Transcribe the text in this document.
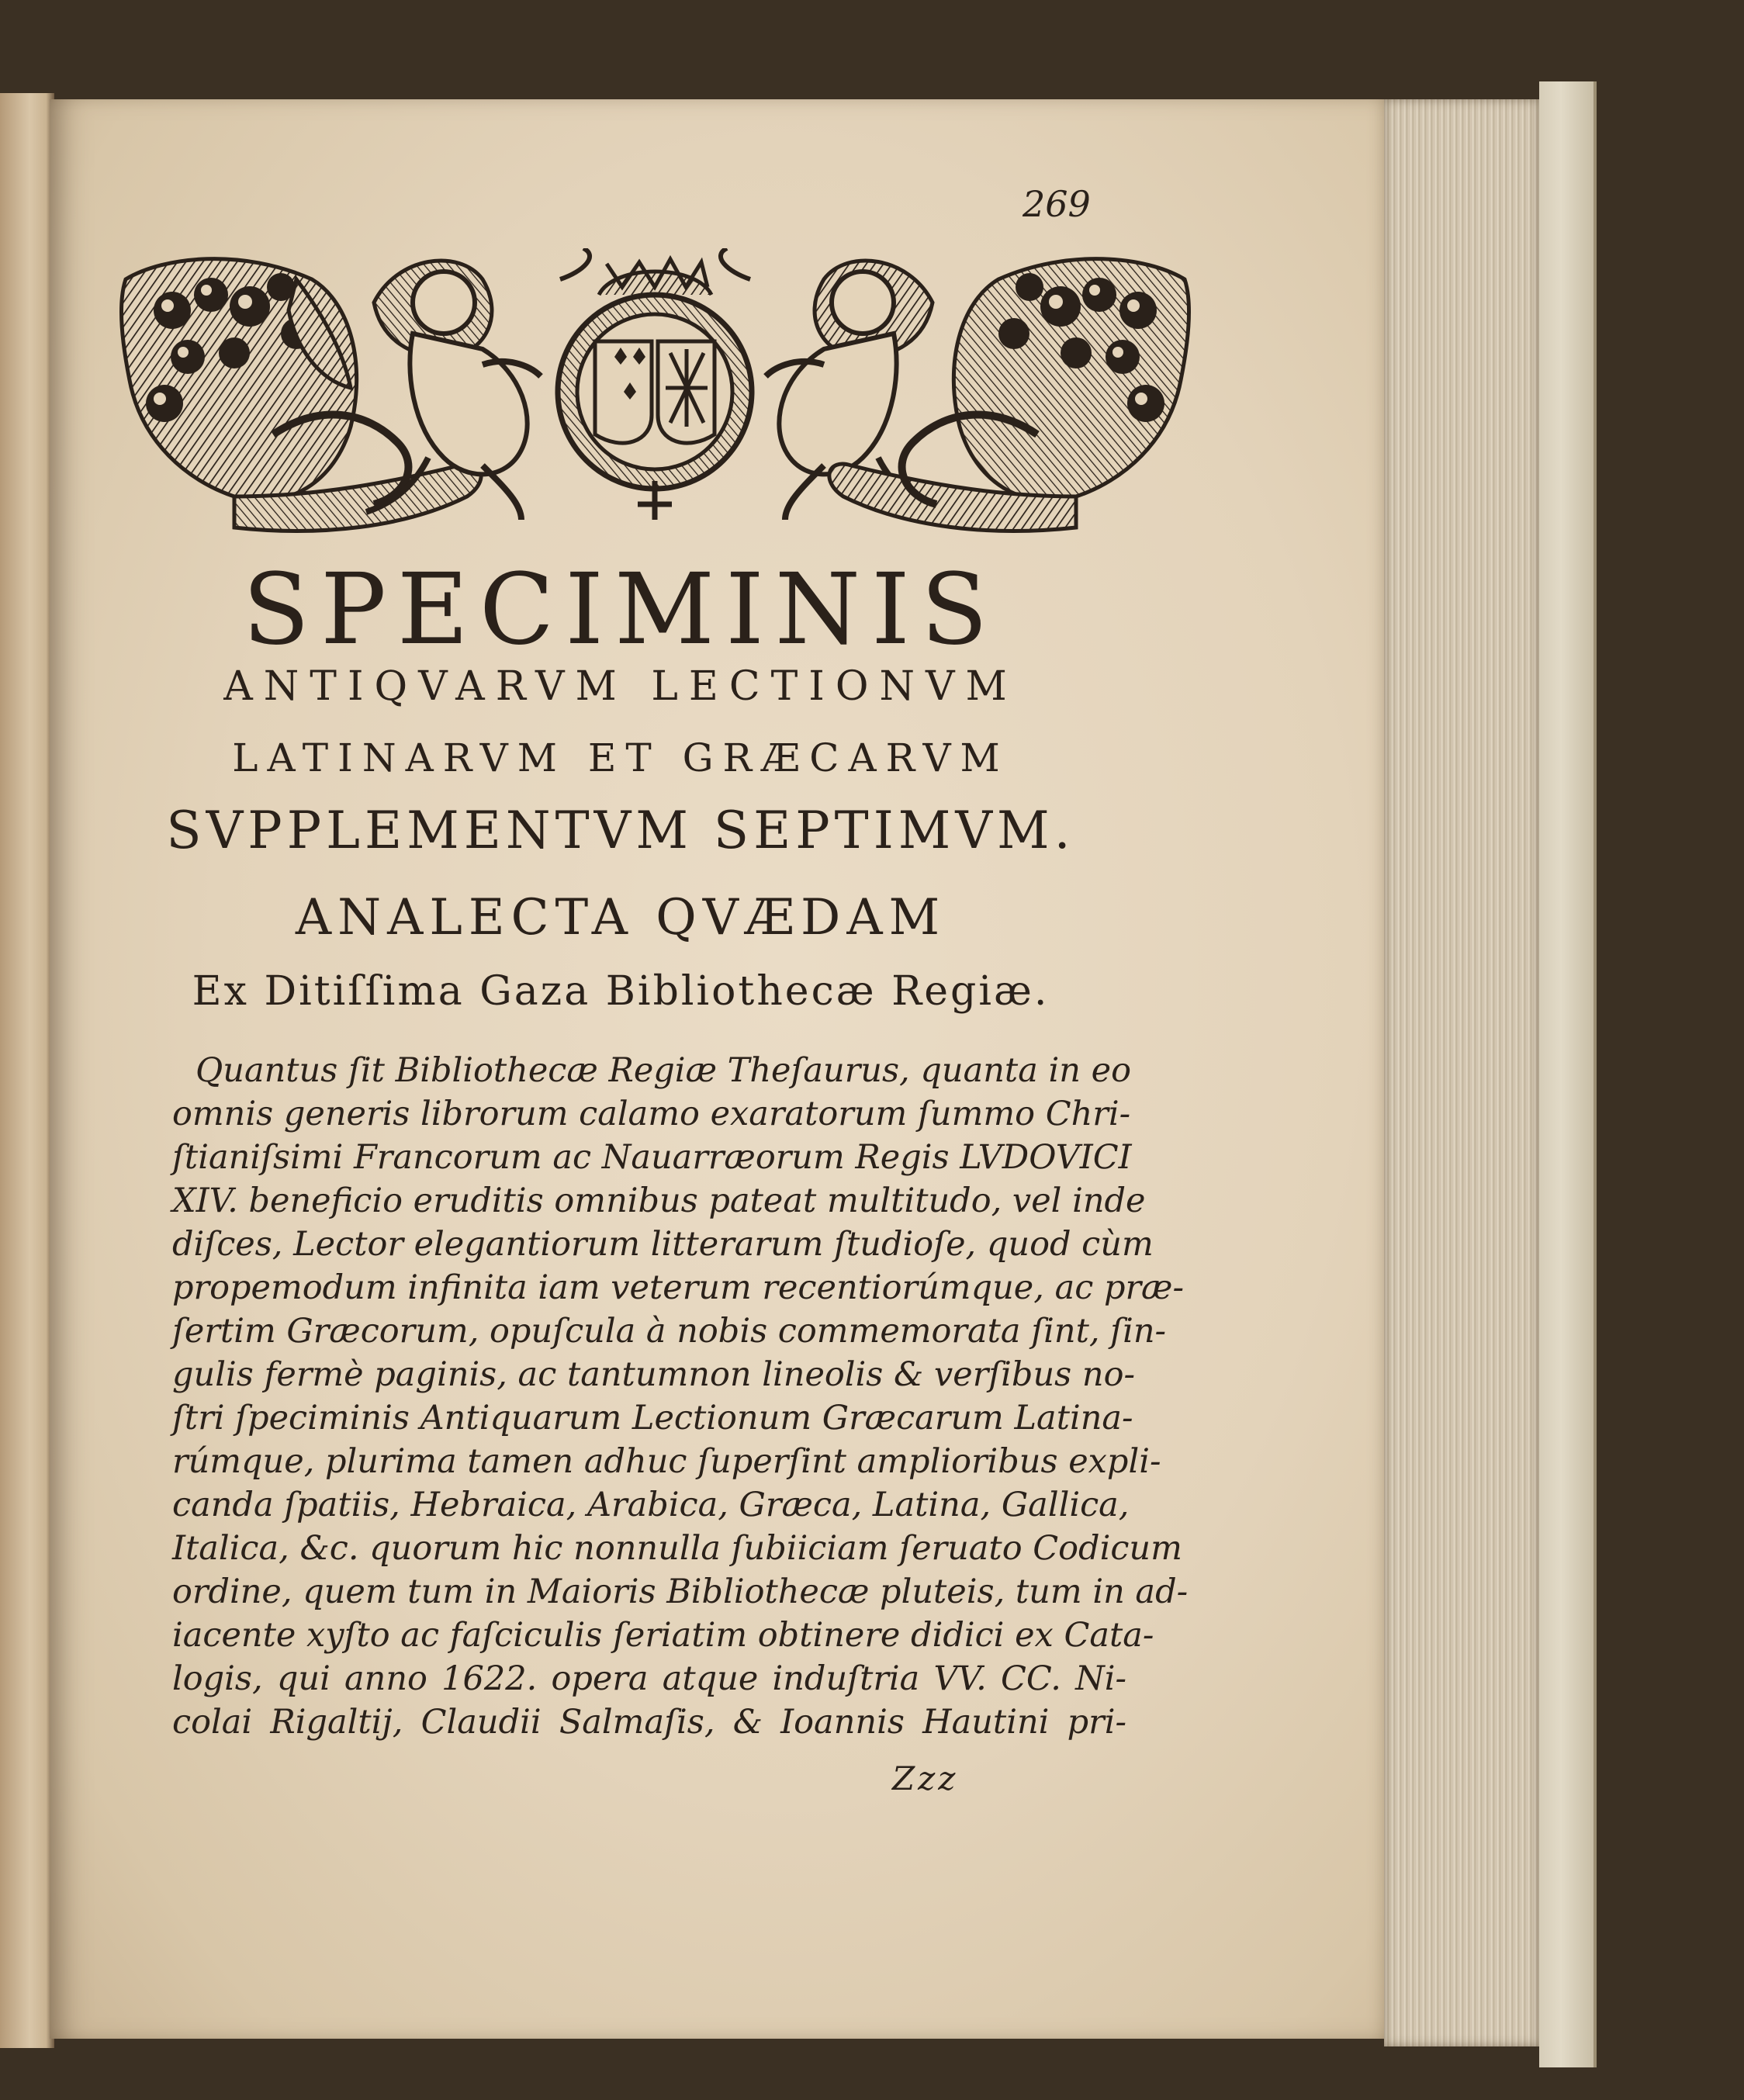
269
SPECIMINIS
ANTIQVARVM LECTIONVM
LATINARVM ET GRÆCARVM
SVPPLEMENTVM SEPTIMVM.
ANALECTA QVÆDAM
Ex Ditiſſima Gaza Bibliothecæ Regiæ.
Quantus ſit Bibliothecæ Regiæ Theſaurus, quanta in eo
omnis generis librorum calamo exaratorum ſummo Chri-
ſtianiſsimi Francorum ac Nauarræorum Regis LVDOVICI
XIV. beneficio eruditis omnibus pateat multitudo, vel inde
diſces, Lector elegantiorum litterarum ſtudioſe, quod cùm
propemodum infinita iam veterum recentiorúmque, ac præ-
ſertim Græcorum, opuſcula à nobis commemorata ſint, ſin-
gulis fermè paginis, ac tantumnon lineolis & verſibus no-
ſtri ſpeciminis Antiquarum Lectionum Græcarum Latina-
rúmque, plurima tamen adhuc ſuperſint amplioribus expli-
canda ſpatiis, Hebraica, Arabica, Græca, Latina, Gallica,
Italica, &c. quorum hic nonnulla ſubiiciam ſeruato Codicum
ordine, quem tum in Maioris Bibliothecæ pluteis, tum in ad-
iacente xyſto ac faſciculis ſeriatim obtinere didici ex Cata-
logis, qui anno 1622. opera atque induſtria VV. CC. Ni-
colai Rigaltij, Claudii Salmaſis, & Ioannis Hautini pri-
Zzz
